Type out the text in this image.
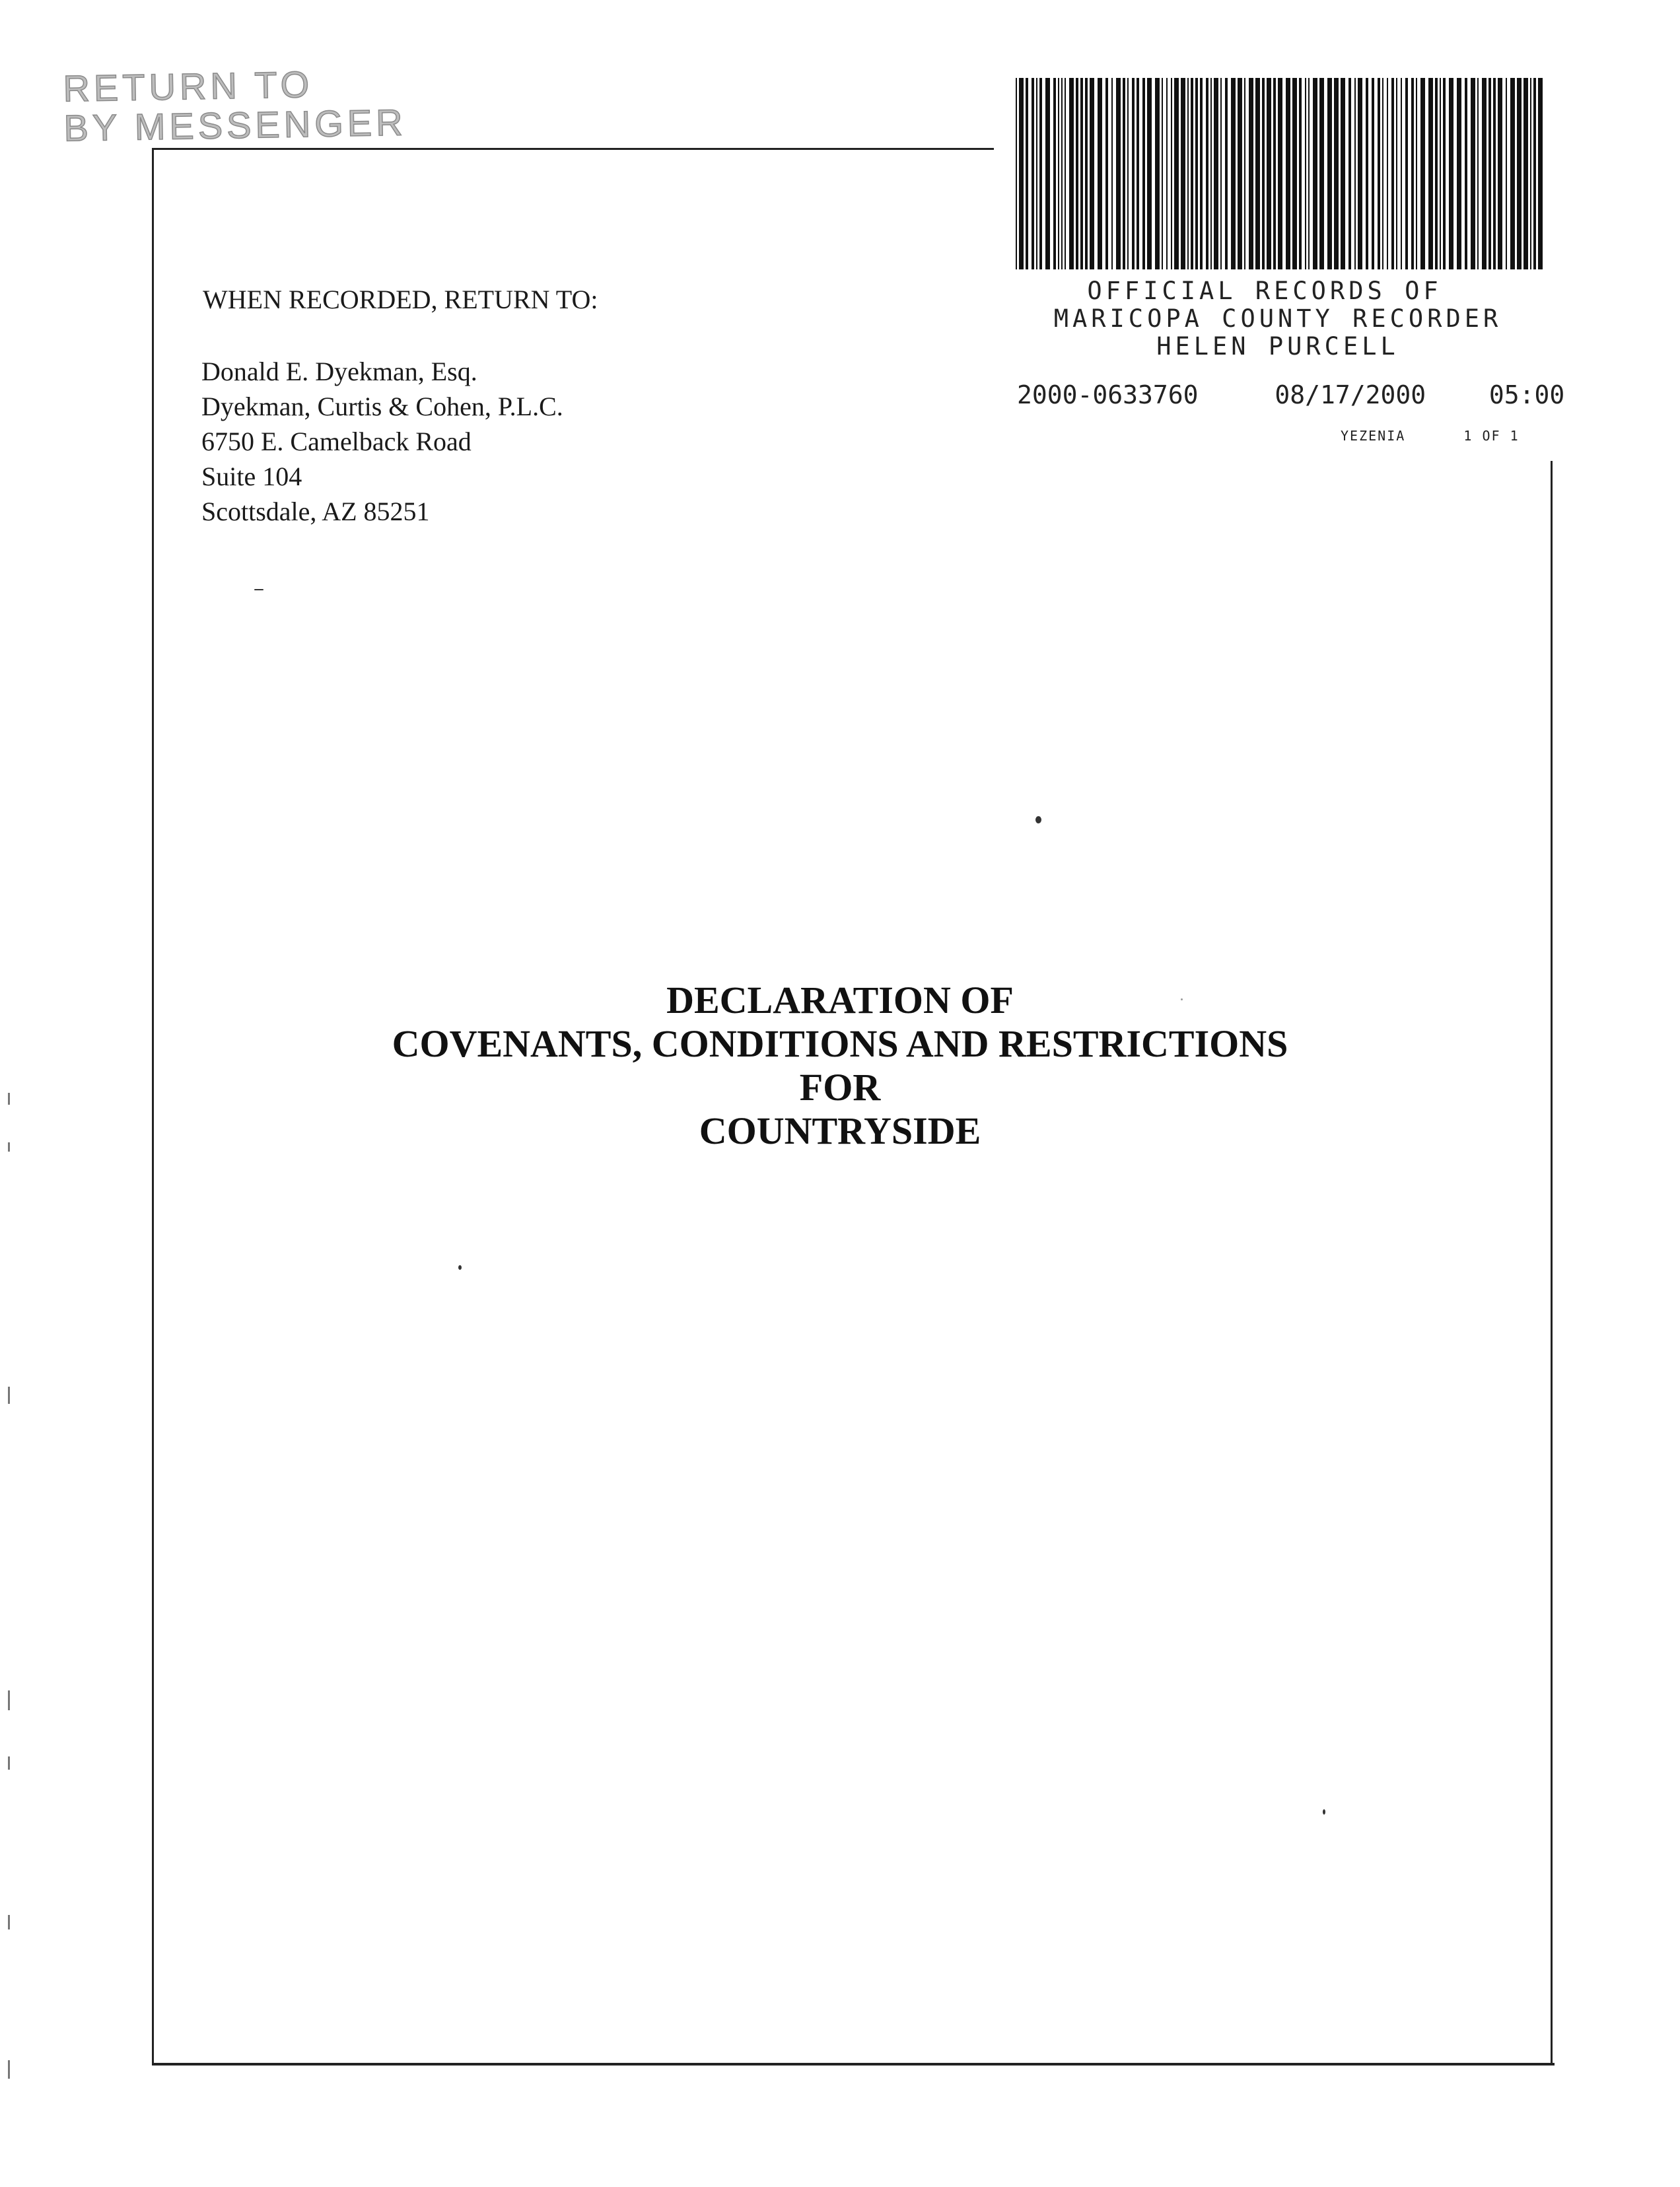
RETURN TO
BY MESSENGER
OFFICIAL RECORDS OF
MARICOPA COUNTY RECORDER
HELEN PURCELL
2000-0633760	08/17/2000	05:00
YEZENIA	1 OF 1
WHEN RECORDED, RETURN TO:
Donald E. Dyekman, Esq.
Dyekman, Curtis & Cohen, P.L.C.
6750 E. Camelback Road
Suite 104
Scottsdale, AZ 85251
DECLARATION OF
COVENANTS, CONDITIONS AND RESTRICTIONS
FOR
COUNTRYSIDE
